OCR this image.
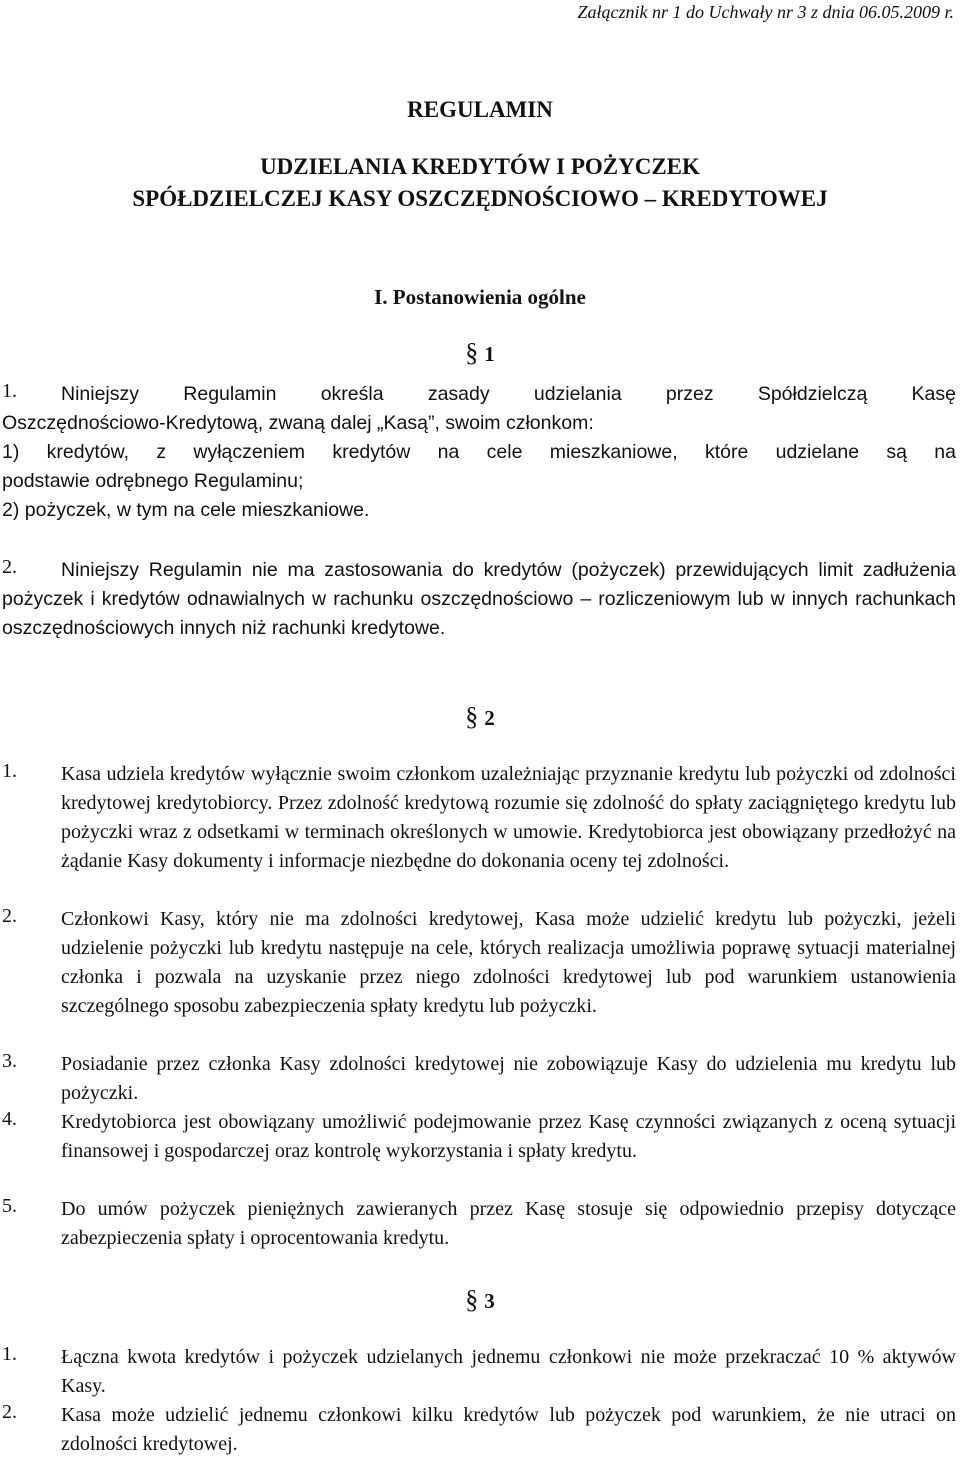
Załącznik nr 1 do Uchwały nr 3 z dnia 06.05.2009 r.
REGULAMIN
UDZIELANIA KREDYTÓW I POŻYCZEK
SPÓŁDZIELCZEJ KASY OSZCZĘDNOŚCIOWO – KREDYTOWEJ
I. Postanowienia ogólne
§ 1
1.	Niniejszy Regulamin określa zasady udzielania przez Spółdzielczą Kasę
Oszczędnościowo-Kredytową, zwaną dalej „Kasą”, swoim członkom:
1) kredytów, z wyłączeniem kredytów na cele mieszkaniowe, które udzielane są na
podstawie odrębnego Regulaminu;
2) pożyczek, w tym na cele mieszkaniowe.
2.	Niniejszy Regulamin nie ma zastosowania do kredytów (pożyczek) przewidujących limit zadłużenia pożyczek i kredytów odnawialnych w rachunku oszczędnościowo – rozliczeniowym lub w innych rachunkach oszczędnościowych innych niż rachunki kredytowe.
§ 2
1. Kasa udziela kredytów wyłącznie swoim członkom uzależniając przyznanie kredytu lub pożyczki od zdolności kredytowej kredytobiorcy. Przez zdolność kredytową rozumie się zdolność do spłaty zaciągniętego kredytu lub pożyczki wraz z odsetkami w terminach określonych w umowie. Kredytobiorca jest obowiązany przedłożyć na żądanie Kasy dokumenty i informacje niezbędne do dokonania oceny tej zdolności.
2. Członkowi Kasy, który nie ma zdolności kredytowej, Kasa może udzielić kredytu lub pożyczki, jeżeli udzielenie pożyczki lub kredytu następuje na cele, których realizacja umożliwia poprawę sytuacji materialnej członka i pozwala na uzyskanie przez niego zdolności kredytowej lub pod warunkiem ustanowienia szczególnego sposobu zabezpieczenia spłaty kredytu lub pożyczki.
3. Posiadanie przez członka Kasy zdolności kredytowej nie zobowiązuje Kasy do udzielenia mu kredytu lub pożyczki.
4. Kredytobiorca jest obowiązany umożliwić podejmowanie przez Kasę czynności związanych z oceną sytuacji finansowej i gospodarczej oraz kontrolę wykorzystania i spłaty kredytu.
5. Do umów pożyczek pieniężnych zawieranych przez Kasę stosuje się odpowiednio przepisy dotyczące zabezpieczenia spłaty i oprocentowania kredytu.
§ 3
1. Łączna kwota kredytów i pożyczek udzielanych jednemu członkowi nie może przekraczać 10 % aktywów Kasy.
2. Kasa może udzielić jednemu członkowi kilku kredytów lub pożyczek pod warunkiem, że nie utraci on zdolności kredytowej.
